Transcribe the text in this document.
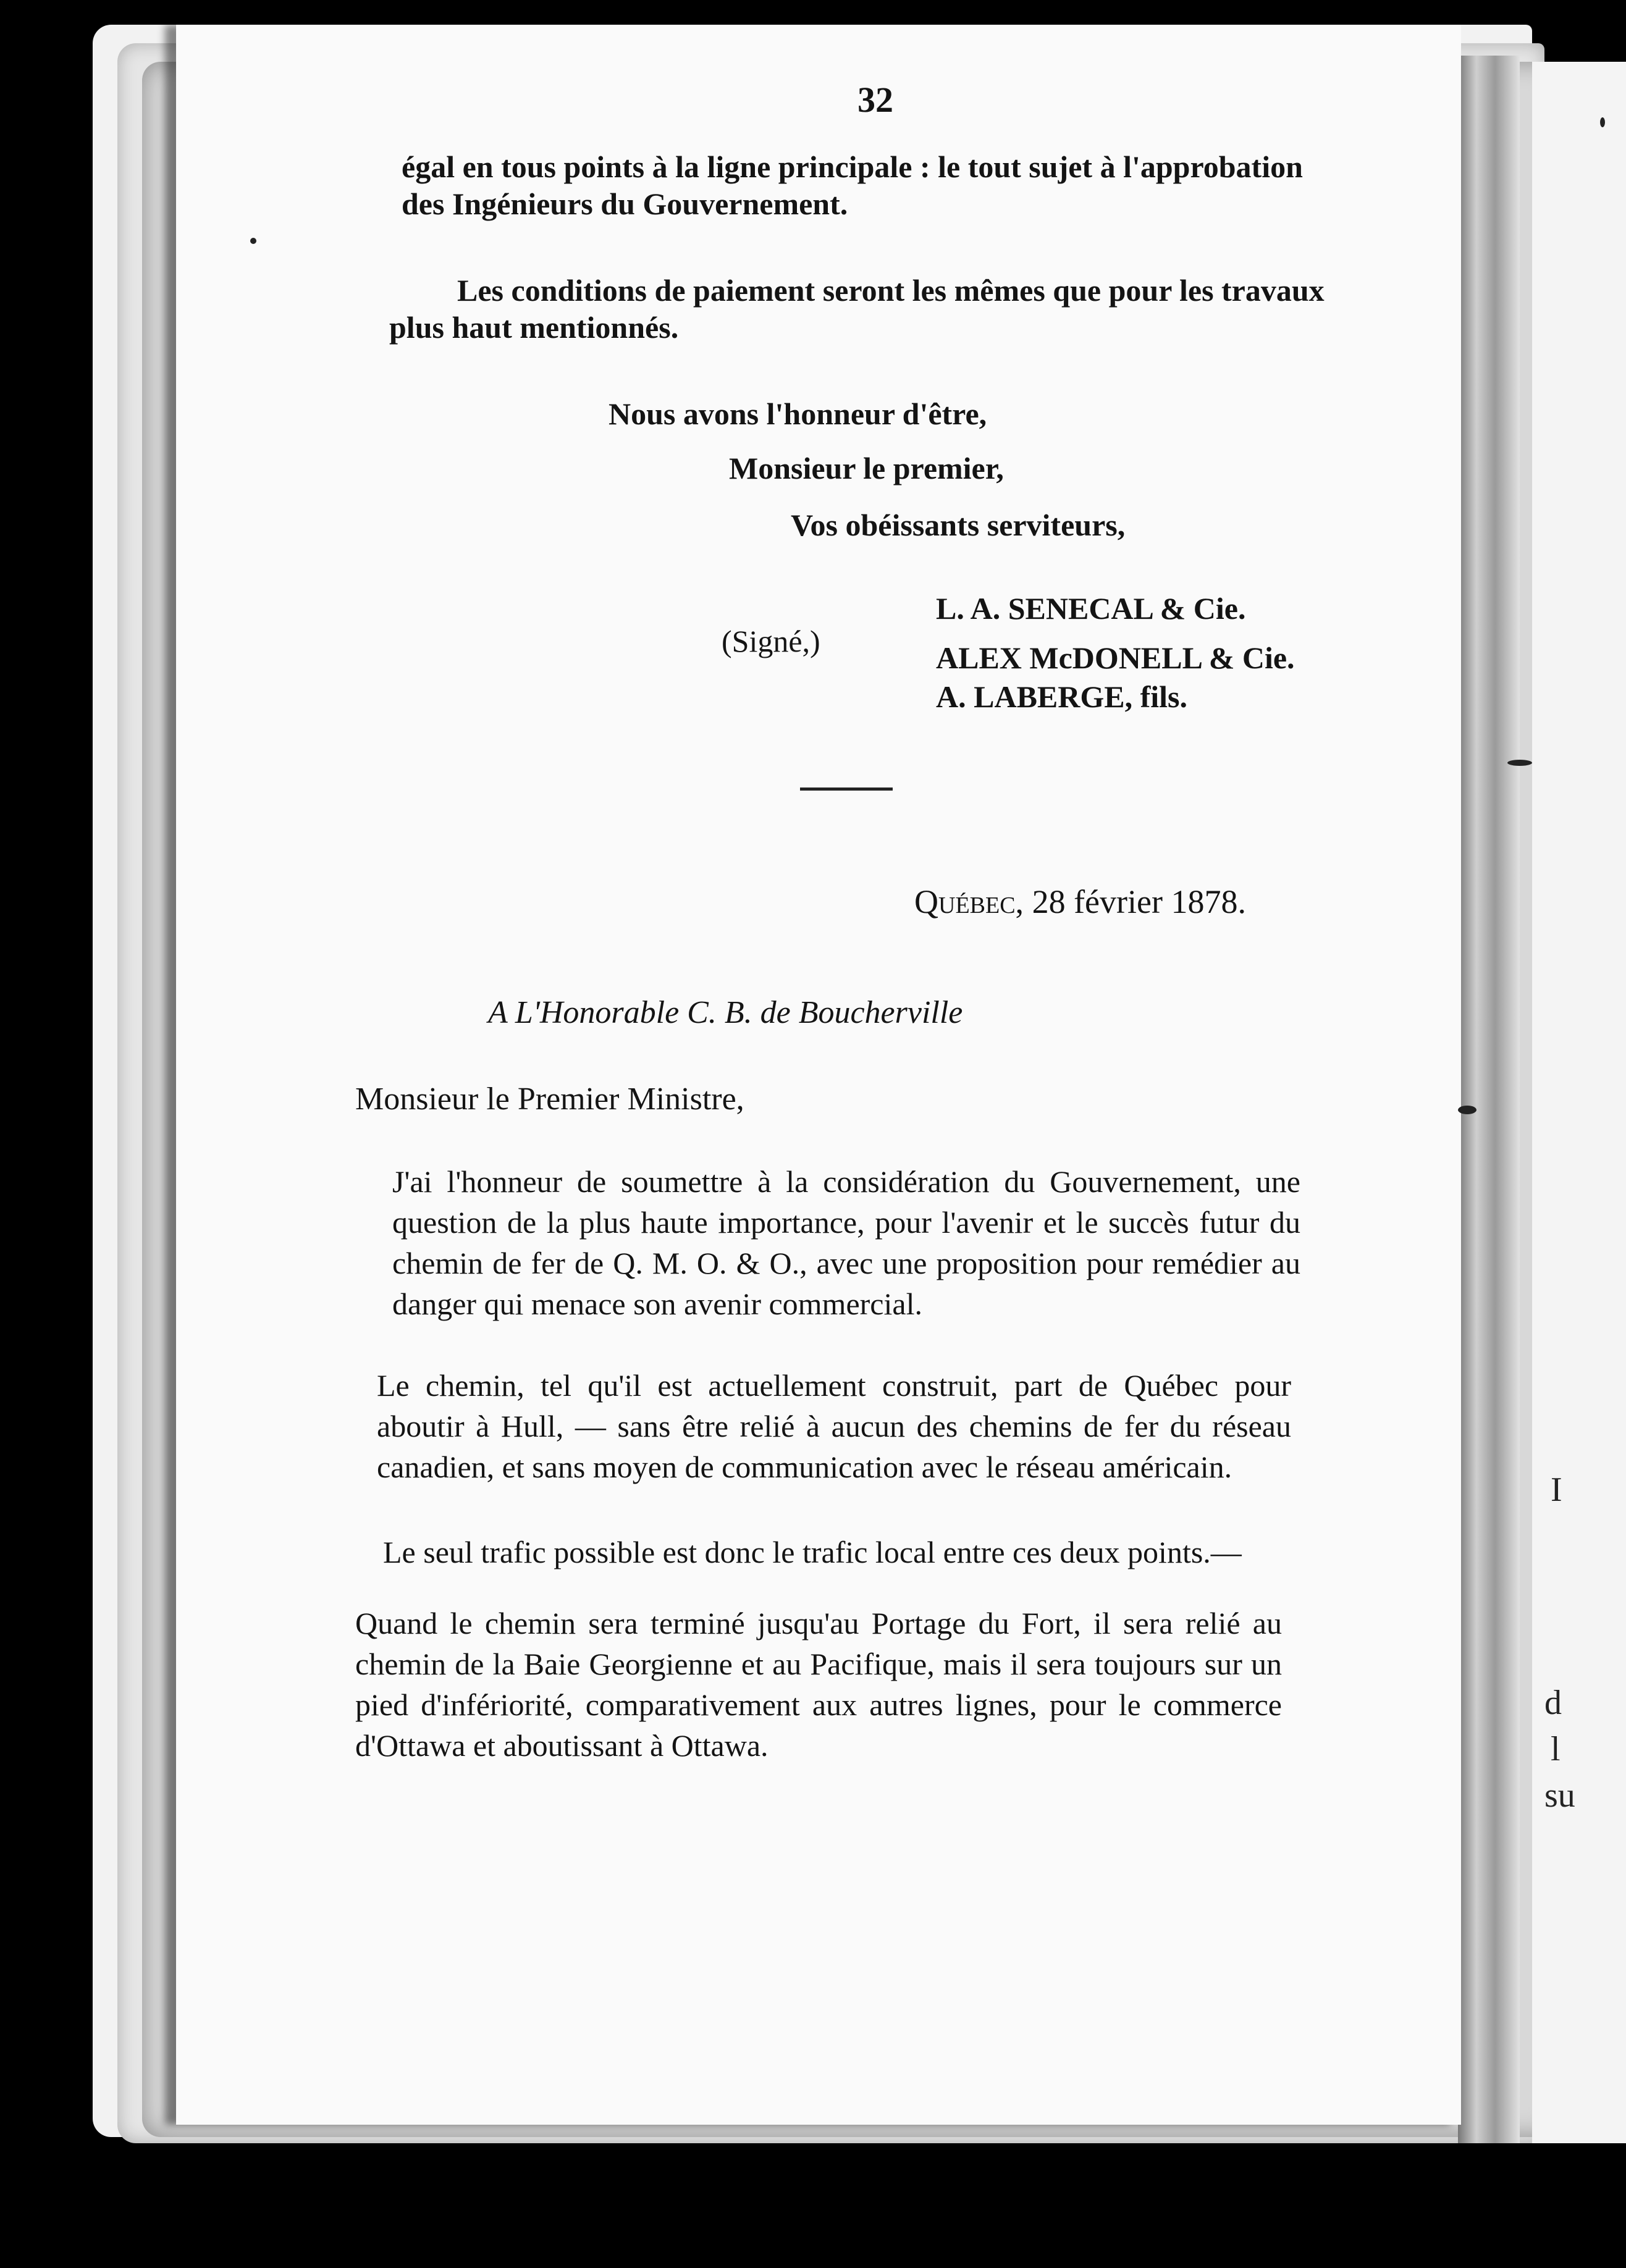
I
d
l
su
32

égal en tous points à la ligne principale : le tout sujet à l'approbation des Ingénieurs du Gouvernement.

Les conditions de paiement seront les mêmes que pour les travaux plus haut mentionnés.

Nous avons l'honneur d'être,
Monsieur le premier,
Vos obéissants serviteurs,
(Signé,)
L. A. SENECAL & Cie.
ALEX McDONELL & Cie.
A. LABERGE, fils.
Québec, 28 février 1878.
A L'Honorable C. B. de Boucherville
Monsieur le Premier Ministre,

J'ai l'honneur de soumettre à la considération du Gouvernement, une question de la plus haute importance, pour l'avenir et le succès futur du chemin de fer de Q. M. O. & O., avec une proposition pour remédier au danger qui menace son avenir commercial.

Le chemin, tel qu'il est actuellement construit, part de Québec pour aboutir à Hull, — sans être relié à aucun des chemins de fer du réseau canadien, et sans moyen de communication avec le réseau américain.

Le seul trafic possible est donc le trafic local entre ces deux points.—

Quand le chemin sera terminé jusqu'au Portage du Fort, il sera relié au chemin de la Baie Georgienne et au Pacifique, mais il sera toujours sur un pied d'infériorité, comparativement aux autres lignes, pour le commerce d'Ottawa et aboutissant à Ottawa.
